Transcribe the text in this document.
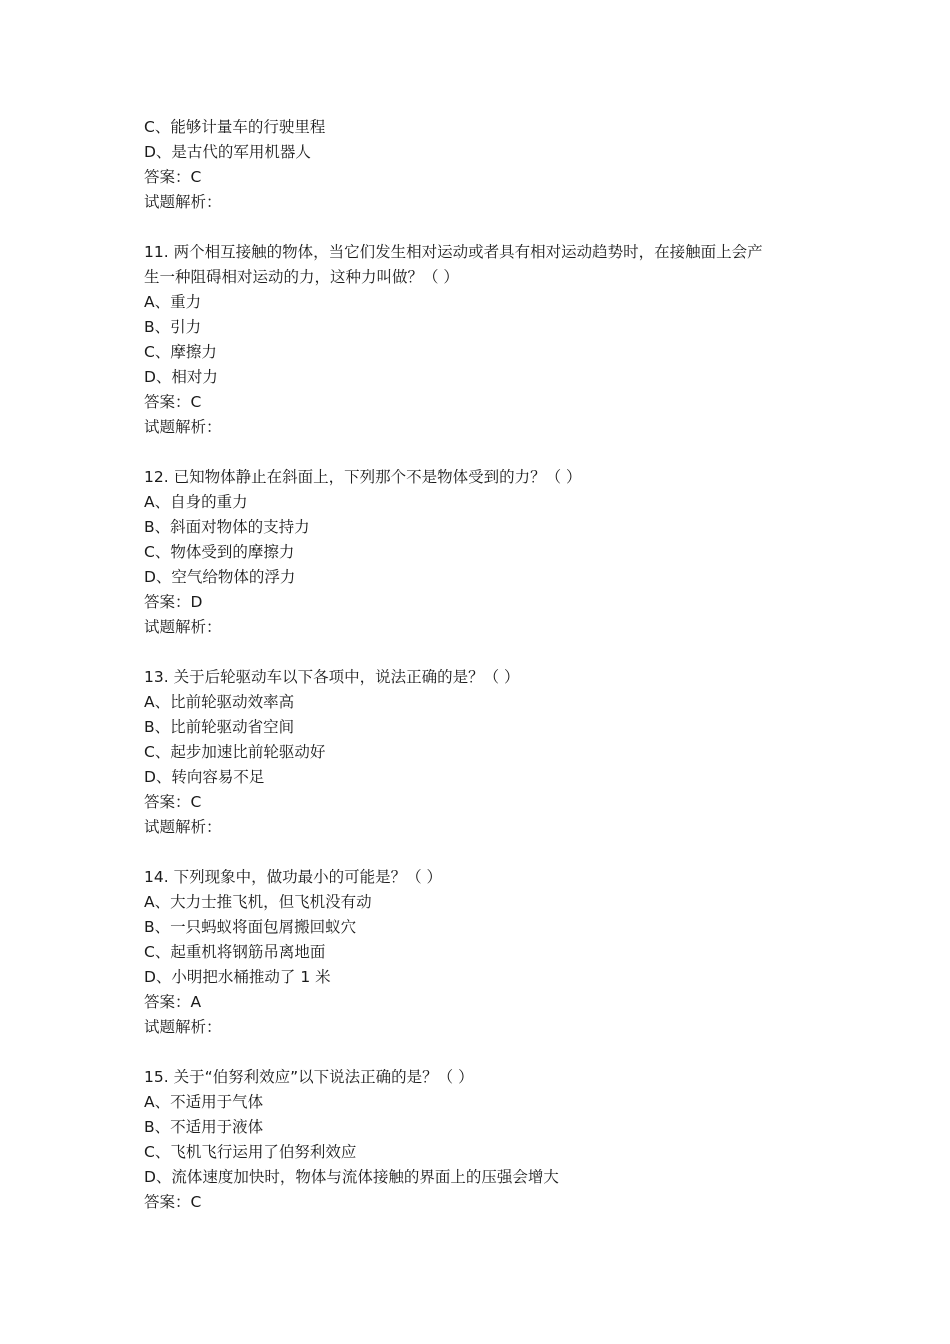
C、能够计量车的行驶里程
D、是古代的军用机器人
答案：C
试题解析：
11. 两个相互接触的物体，当它们发生相对运动或者具有相对运动趋势时，在接触面上会产
生一种阻碍相对运动的力，这种力叫做？（ ）
A、重力
B、引力
C、摩擦力
D、相对力
答案：C
试题解析：
12. 已知物体静止在斜面上，下列那个不是物体受到的力？（ ）
A、自身的重力
B、斜面对物体的支持力
C、物体受到的摩擦力
D、空气给物体的浮力
答案：D
试题解析：
13. 关于后轮驱动车以下各项中，说法正确的是？（ ）
A、比前轮驱动效率高
B、比前轮驱动省空间
C、起步加速比前轮驱动好
D、转向容易不足
答案：C
试题解析：
14. 下列现象中，做功最小的可能是？（ ）
A、大力士推飞机，但飞机没有动
B、一只蚂蚁将面包屑搬回蚁穴
C、起重机将钢筋吊离地面
D、小明把水桶推动了 1 米
答案：A
试题解析：
15. 关于“伯努利效应”以下说法正确的是？（ ）
A、不适用于气体
B、不适用于液体
C、飞机飞行运用了伯努利效应
D、流体速度加快时，物体与流体接触的界面上的压强会增大
答案：C
